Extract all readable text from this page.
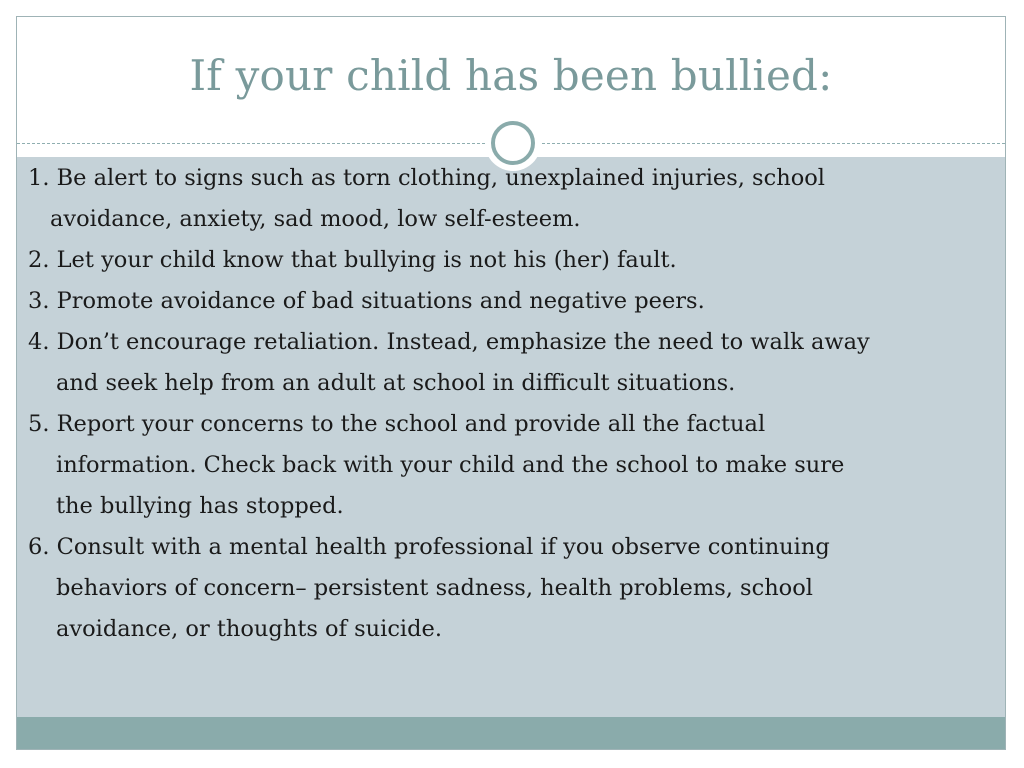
If your child has been bullied:
1. Be alert to signs such as torn clothing, unexplained injuries, school
avoidance, anxiety, sad mood, low self-esteem.
2. Let your child know that bullying is not his (her) fault.
3. Promote avoidance of bad situations and negative peers.
4. Don’t encourage retaliation. Instead, emphasize the need to walk away
and seek help from an adult at school in difficult situations.
5. Report your concerns to the school and provide all the factual
information. Check back with your child and the school to make sure
the bullying has stopped.
6. Consult with a mental health professional if you observe continuing
behaviors of concern– persistent sadness, health problems, school
avoidance, or thoughts of suicide.
